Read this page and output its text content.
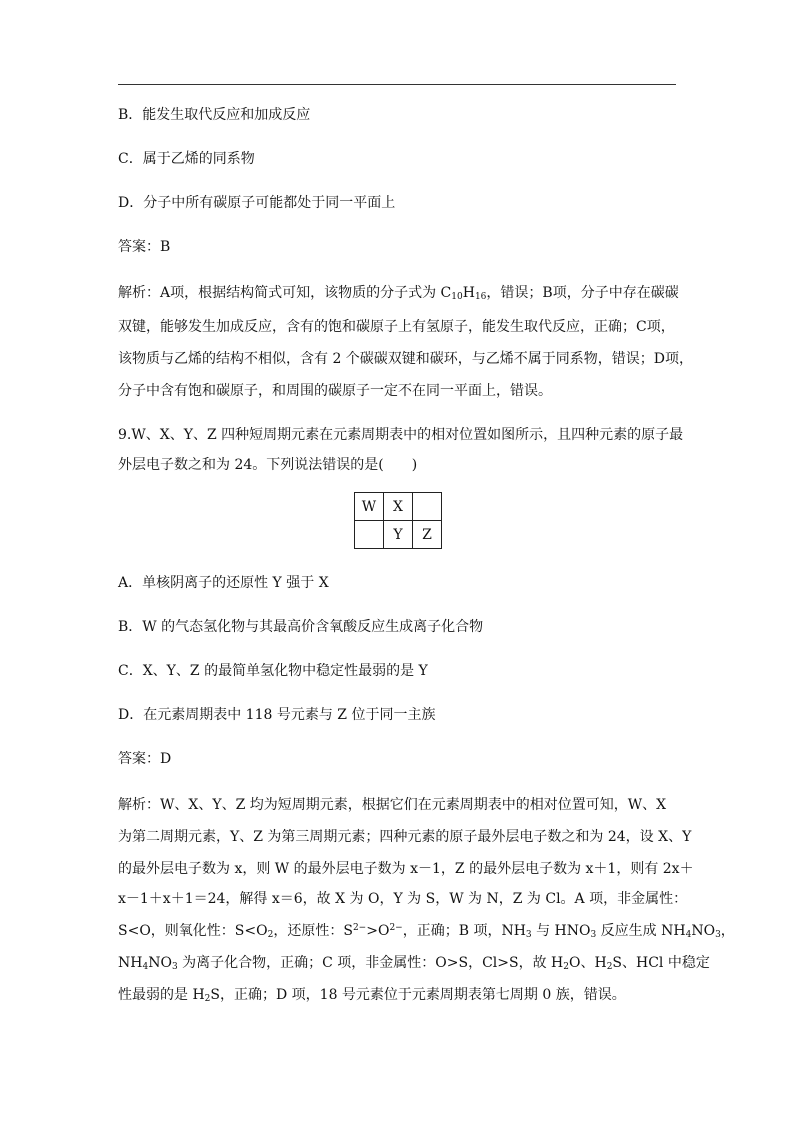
B．能发生取代反应和加成反应
C．属于乙烯的同系物
D．分子中所有碳原子可能都处于同一平面上
答案：B
解析：A项，根据结构简式可知，该物质的分子式为 $C_{10}H_{16}$，错误；B项，分子中存在碳碳
双键，能够发生加成反应，含有的饱和碳原子上有氢原子，能发生取代反应，正确；C项，
该物质与乙烯的结构不相似，含有 2 个碳碳双键和碳环，与乙烯不属于同系物，错误；D项，
分子中含有饱和碳原子，和周围的碳原子一定不在同一平面上，错误。
9.W、X、Y、Z 四种短周期元素在元素周期表中的相对位置如图所示，且四种元素的原子最
外层电子数之和为 24。下列说法错误的是(　　)
W	X	
	Y	Z
A．单核阴离子的还原性 Y 强于 X
B．W 的气态氢化物与其最高价含氧酸反应生成离子化合物
C．X、Y、Z 的最简单氢化物中稳定性最弱的是 Y
D．在元素周期表中 118 号元素与 Z 位于同一主族
答案：D
解析：W、X、Y、Z 均为短周期元素，根据它们在元素周期表中的相对位置可知，W、X
为第二周期元素，Y、Z 为第三周期元素；四种元素的原子最外层电子数之和为 24，设 X、Y
的最外层电子数为 x，则 W 的最外层电子数为 x－1，Z 的最外层电子数为 x＋1，则有 2x＋
x－1＋x＋1＝24，解得 x＝6，故 X 为 O，Y 为 S，W 为 N，Z 为 Cl。A 项，非金属性：
S<O，则氧化性：$S<O_2$，还原性：$S^{2-}>O^{2-}$，正确；B 项，$NH_3$ 与 $HNO_3$ 反应生成 $NH_4NO_3$，
$NH_4NO_3$ 为离子化合物，正确；C 项，非金属性：O>S，Cl>S，故 $H_2O$、$H_2S$、HCl 中稳定
性最弱的是 $H_2S$，正确；D 项，18 号元素位于元素周期表第七周期 0 族，错误。
